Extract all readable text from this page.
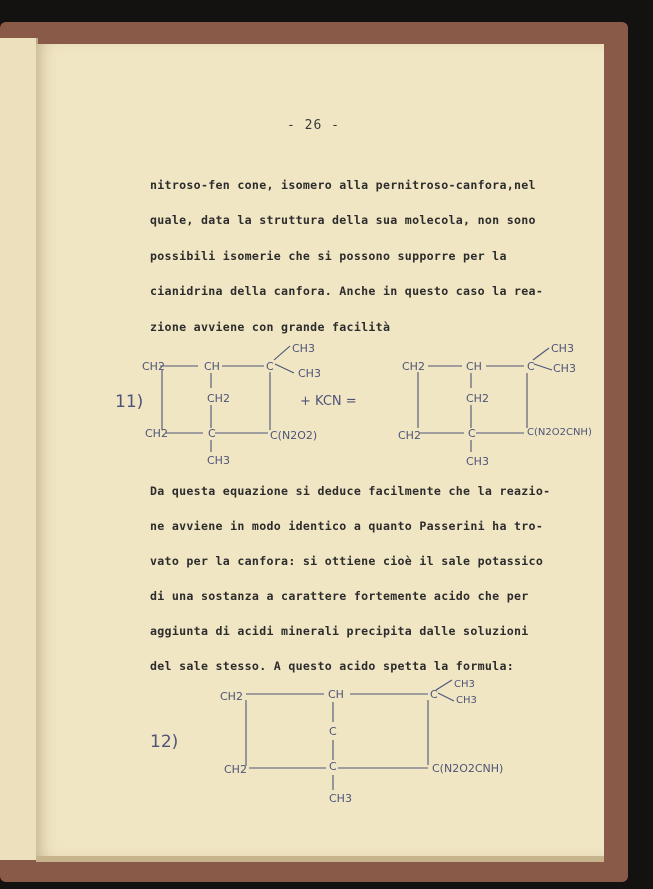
- 26 -
nitroso-fen cone, isomero alla pernitroso-canfora,nel
quale, data la struttura della sua molecola, non sono
possibili isomerie che si possono supporre per la
cianidrina della canfora. Anche in questo caso la rea-
zione avviene con grande facilità
Da questa equazione si deduce facilmente che la reazio-
ne avviene in modo identico a quanto Passerini ha tro-
vato per la canfora: si ottiene cioè il sale potassico
di una sostanza a carattere fortemente acido che per
aggiunta di acidi minerali precipita dalle soluzioni
del sale stesso. A questo acido spetta la formula:
11)
CH2	CH	C
CH3
CH3
CH2
CH2	C	C(N2O2)
CH3
+ KCN =
CH2	CH	C
CH3
CH3
CH2
CH2	C	C(N2O2CNH)
CH3
12)
CH2	CH	C
CH3
CH3
C
CH2	C	C(N2O2CNH)
CH3
